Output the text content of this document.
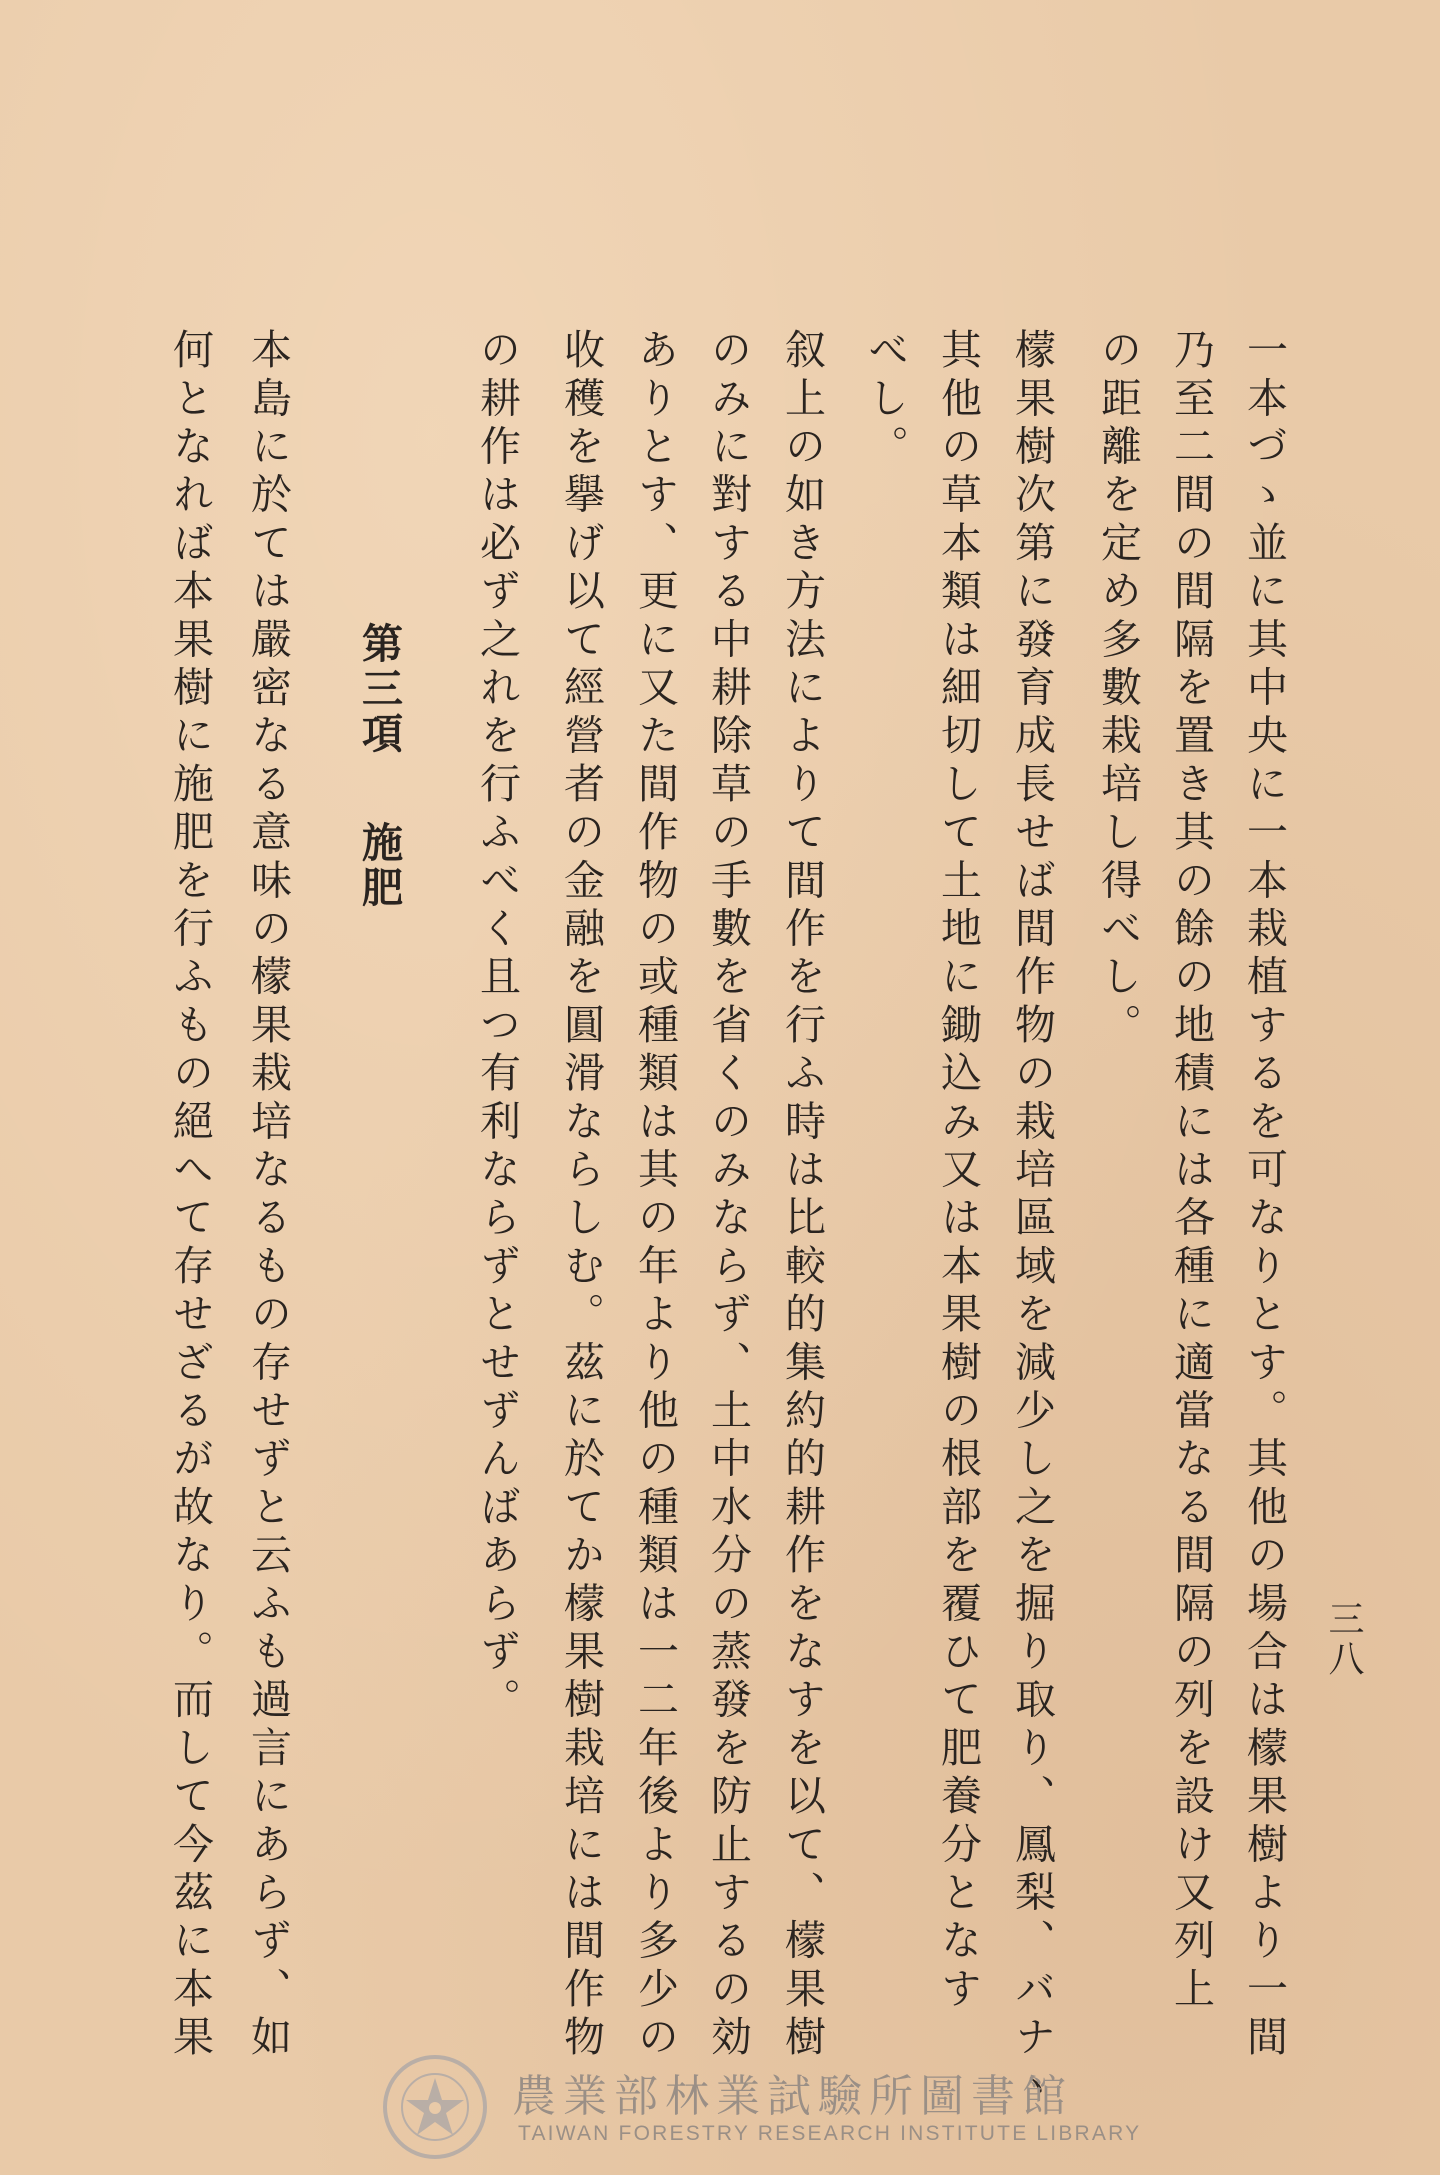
三八
一本づゝ並に其中央に一本栽植するを可なりとす。其他の場合は檬果樹より一間
乃至二間の間隔を置き其の餘の地積には各種に適當なる間隔の列を設け又列上
の距離を定め多數栽培し得べし。
檬果樹次第に發育成長せば間作物の栽培區域を減少し之を掘り取り、鳳梨、バナヽ
其他の草本類は細切して土地に鋤込み又は本果樹の根部を覆ひて肥養分となす
べし。
叙上の如き方法によりて間作を行ふ時は比較的集約的耕作をなすを以て、檬果樹
のみに對する中耕除草の手數を省くのみならず、土中水分の蒸發を防止するの効
ありとす、更に又た間作物の或種類は其の年より他の種類は一二年後より多少の
收穫を擧げ以て經營者の金融を圓滑ならしむ。茲に於てか檬果樹栽培には間作物
の耕作は必ず之れを行ふべく且つ有利ならずとせずんばあらず。
第三項施肥
本島に於ては嚴密なる意味の檬果栽培なるもの存せずと云ふも過言にあらず、如
何となれば本果樹に施肥を行ふもの絕へて存せざるが故なり。而して今茲に本果
農業部林業試驗所圖書館
TAIWAN FORESTRY RESEARCH INSTITUTE LIBRARY
